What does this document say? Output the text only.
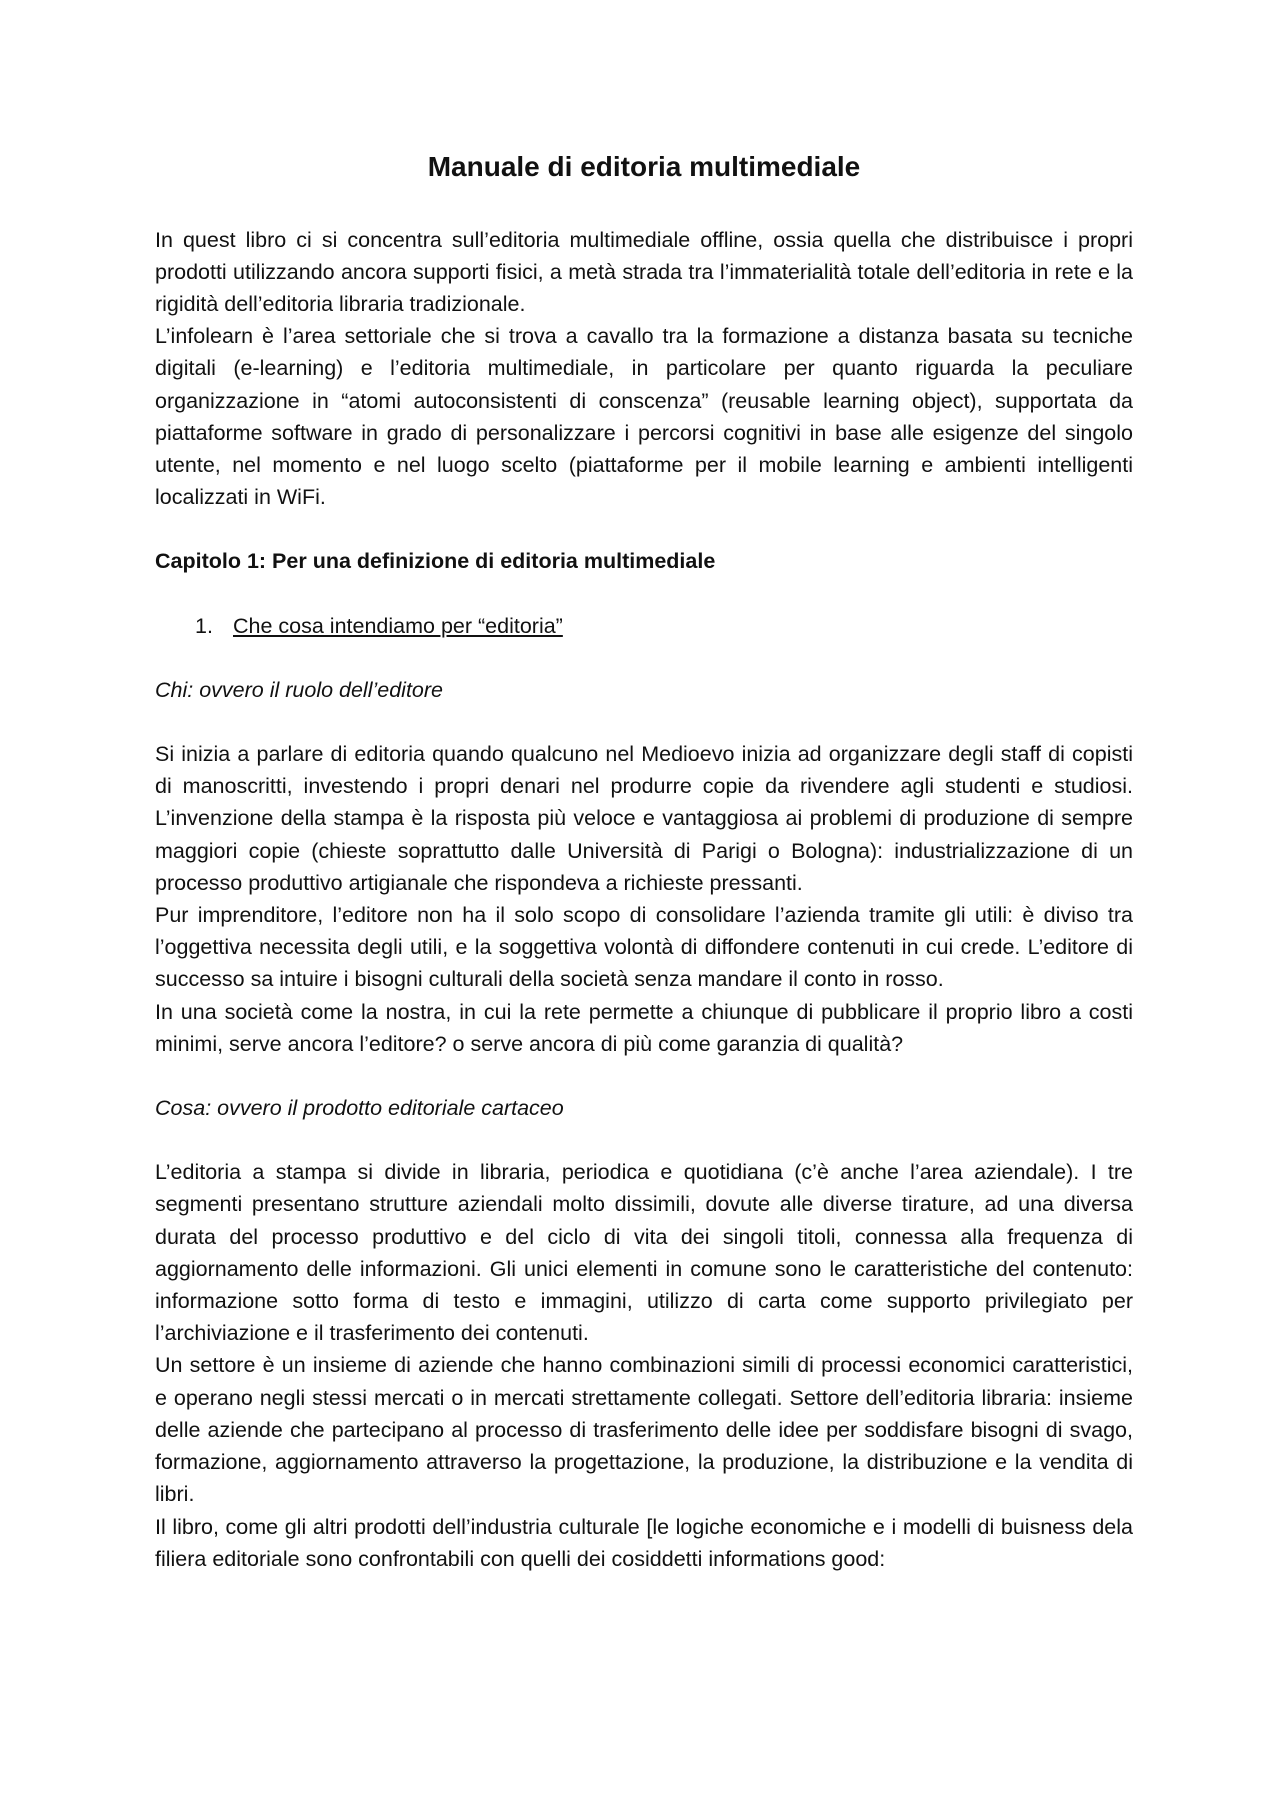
Manuale di editoria multimediale

In quest libro ci si concentra sull’editoria multimediale offline, ossia quella che distribuisce i propri prodotti utilizzando ancora supporti fisici, a metà strada tra l’immaterialità totale dell’editoria in rete e la rigidità dell’editoria libraria tradizionale.

L’infolearn è l’area settoriale che si trova a cavallo tra la formazione a distanza basata su tecniche digitali (e-learning) e l’editoria multimediale, in particolare per quanto riguarda la peculiare organizzazione in “atomi autoconsistenti di conscenza” (reusable learning object), supportata da piattaforme software in grado di personalizzare i percorsi cognitivi in base alle esigenze del singolo utente, nel momento e nel luogo scelto (piattaforme per il mobile learning e ambienti intelligenti localizzati in WiFi.

Capitolo 1: Per una definizione di editoria multimediale

1. Che cosa intendiamo per “editoria”

Chi: ovvero il ruolo dell’editore

Si inizia a parlare di editoria quando qualcuno nel Medioevo inizia ad organizzare degli staff di copisti di manoscritti, investendo i propri denari nel produrre copie da rivendere agli studenti e studiosi. L’invenzione della stampa è la risposta più veloce e vantaggiosa ai problemi di produzione di sempre maggiori copie (chieste soprattutto dalle Università di Parigi o Bologna): industrializzazione di un processo produttivo artigianale che rispondeva a richieste pressanti.

Pur imprenditore, l’editore non ha il solo scopo di consolidare l’azienda tramite gli utili: è diviso tra l’oggettiva necessita degli utili, e la soggettiva volontà di diffondere contenuti in cui crede. L’editore di successo sa intuire i bisogni culturali della società senza mandare il conto in rosso.

In una società come la nostra, in cui la rete permette a chiunque di pubblicare il proprio libro a costi minimi, serve ancora l’editore? o serve ancora di più come garanzia di qualità?

Cosa: ovvero il prodotto editoriale cartaceo

L’editoria a stampa si divide in libraria, periodica e quotidiana (c’è anche l’area aziendale). I tre segmenti presentano strutture aziendali molto dissimili, dovute alle diverse tirature, ad una diversa durata del processo produttivo e del ciclo di vita dei singoli titoli, connessa alla frequenza di aggiornamento delle informazioni. Gli unici elementi in comune sono le caratteristiche del contenuto: informazione sotto forma di testo e immagini, utilizzo di carta come supporto privilegiato per l’archiviazione e il trasferimento dei contenuti.

Un settore è un insieme di aziende che hanno combinazioni simili di processi economici caratteristici, e operano negli stessi mercati o in mercati strettamente collegati. Settore dell’editoria libraria: insieme delle aziende che partecipano al processo di trasferimento delle idee per soddisfare bisogni di svago, formazione, aggiornamento attraverso la progettazione, la produzione, la distribuzione e la vendita di libri.

Il libro, come gli altri prodotti dell’industria culturale [le logiche economiche e i modelli di buisness dela filiera editoriale sono confrontabili con quelli dei cosiddetti informations good:
